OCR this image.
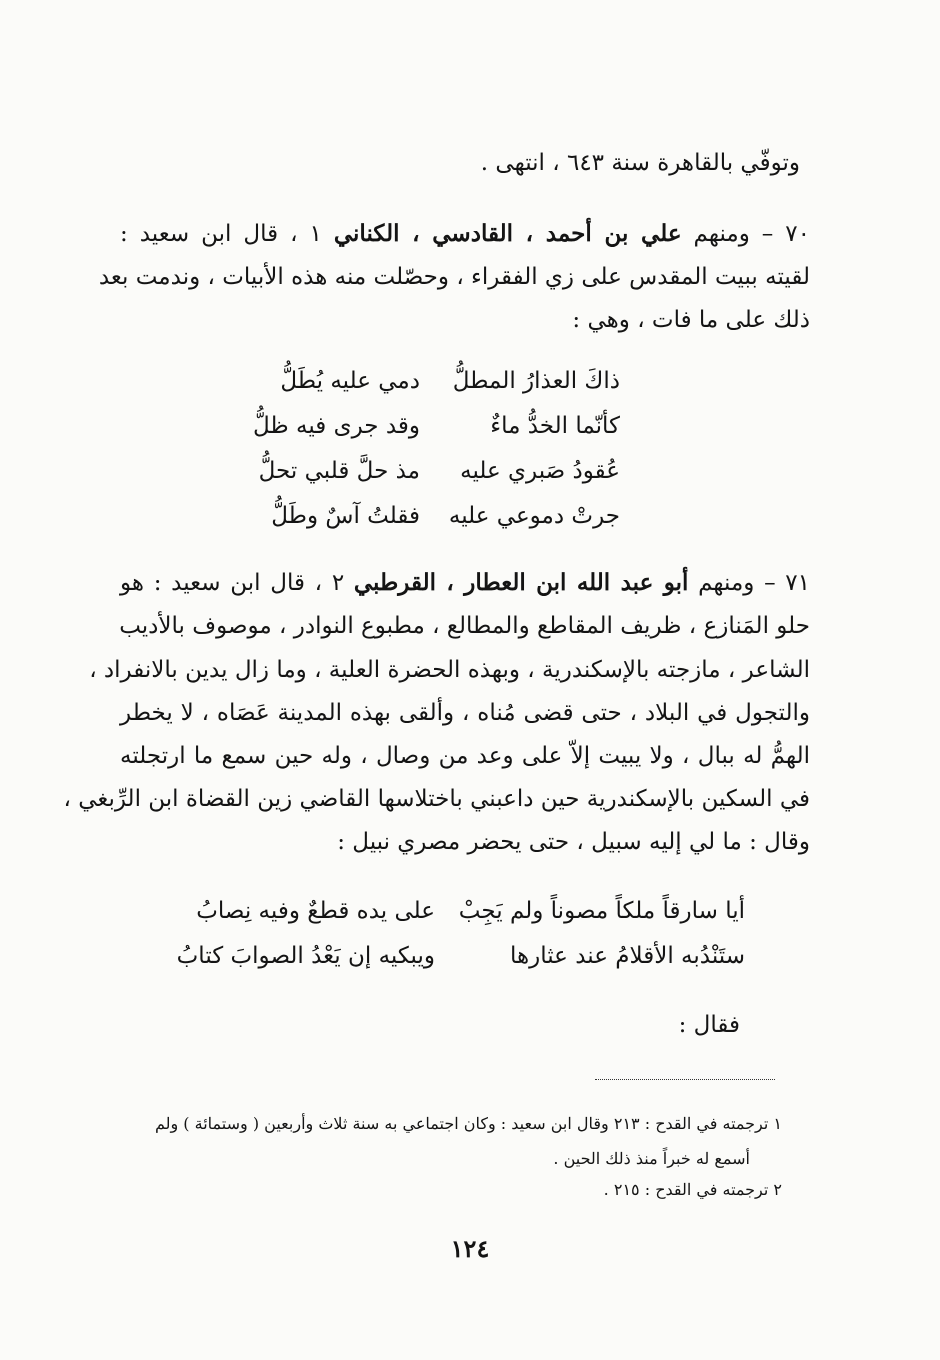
وتوفّي بالقاهرة سنة ٦٤٣ ، انتهى .
٧٠ – ومنهم علي بن أحمد ، القادسي ، الكناني ١ ، قال ابن سعيد :
لقيته ببيت المقدس على زي الفقراء ، وحصّلت منه هذه الأبيات ، وندمت بعد
ذلك على ما فات ، وهي :
ذاكَ العذارُ المطلُّ
دمي عليه يُطَلُّ
كأنّما الخدُّ ماءٌ
وقد جرى فيه ظلُّ
عُقودُ صَبري عليه
مذ حلَّ قلبي تحلُّ
جرتْ دموعي عليه
فقلتُ آسٌ وطَلُّ
٧١ – ومنهم أبو عبد الله ابن العطار ، القرطبي ٢ ، قال ابن سعيد : هو
حلو المَنازع ، ظريف المقاطع والمطالع ، مطبوع النوادر ، موصوف بالأديب
الشاعر ، مازجته بالإسكندرية ، وبهذه الحضرة العلية ، وما زال يدين بالانفراد ،
والتجول في البلاد ، حتى قضى مُناه ، وألقى بهذه المدينة عَصَاه ، لا يخطر
الهمُّ له ببال ، ولا يبيت إلاّ على وعد من وصال ، وله حين سمع ما ارتجلته
في السكين بالإسكندرية حين داعبني باختلاسها القاضي زين القضاة ابن الرِّبغي ،
وقال : ما لي إليه سبيل ، حتى يحضر مصري نبيل :
أيا سارقاً ملكاً مصوناً ولم يَجِبْ
على يده قطعٌ وفيه نِصابُ
ستَنْدُبه الأقلامُ عند عثارها
ويبكيه إن يَعْدُ الصوابَ كتابُ
فقال :
١ ترجمته في القدح : ٢١٣ وقال ابن سعيد : وكان اجتماعي به سنة ثلاث وأربعين ( وستمائة ) ولم
أسمع له خبراً منذ ذلك الحين .
٢ ترجمته في القدح : ٢١٥ .
١٢٤
